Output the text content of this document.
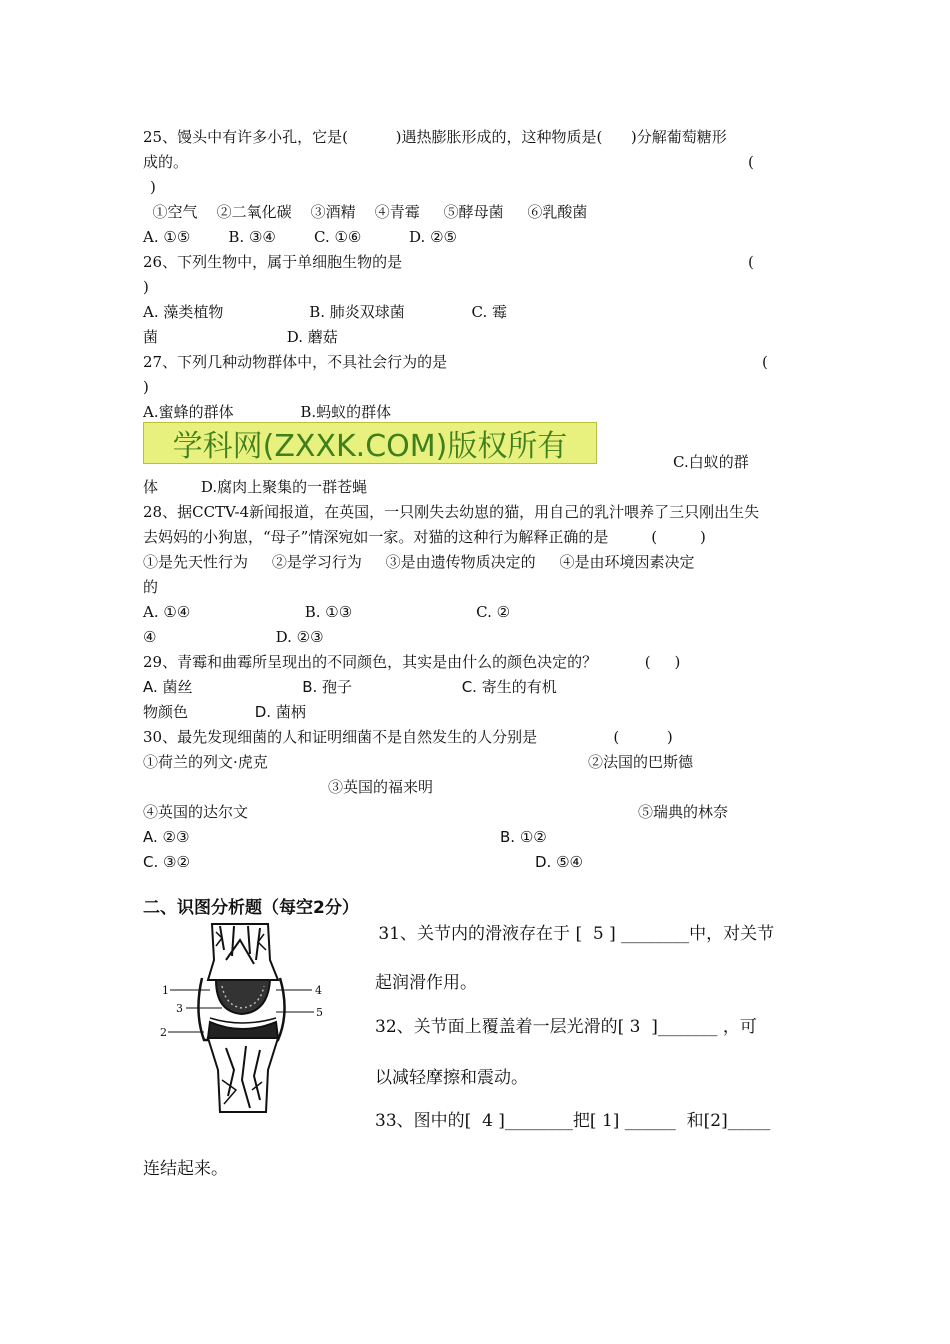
25、馒头中有许多小孔，它是(          )遇热膨胀形成的，这种物质是(      )分解葡萄糖形
成的。	(
)
①空气    ②二氧化碳    ③酒精    ④青霉     ⑤酵母菌     ⑥乳酸菌
A. ①⑤        B. ③④        C. ①⑥          D. ②⑤
26、下列生物中，属于单细胞生物的是	(
)
A. 藻类植物                  B. 肺炎双球菌              C. 霉
菌                           D. 蘑菇
27、下列几种动物群体中，不具社会行为的是	(
)
A.蜜蜂的群体              B.蚂蚁的群体
学科网(ZXXK.COM)版权所有	C.白蚁的群
体         D.腐肉上聚集的一群苍蝇
28、据CCTV-4新闻报道，在英国，一只刚失去幼崽的猫，用自己的乳汁喂养了三只刚出生失
去妈妈的小狗崽，“母子”情深宛如一家。对猫的这种行为解释正确的是         (         )
①是先天性行为     ②是学习行为     ③是由遗传物质决定的     ④是由环境因素决定
的
A. ①④                        B. ①③                          C. ②
④                         D. ②③
29、青霉和曲霉所呈现出的不同颜色，其实是由什么的颜色决定的？          (     )
A. 菌丝                       B. 孢子                       C. 寄生的有机
物颜色              D. 菌柄
30、最先发现细菌的人和证明细菌不是自然发生的人分别是                (          )
①荷兰的列文·虎克	②法国的巴斯德
③英国的福来明
④英国的达尔文	⑤瑞典的林奈
A. ②③	B. ①②
C. ③②	D. ⑤④
二、识图分析题（每空2分）
1
3
2
4
5
31、关节内的滑液存在于 [  5 ] ________中，对关节
起润滑作用。
32、关节面上覆盖着一层光滑的[ 3  ]_______ ，可
以减轻摩擦和震动。
33、图中的[  4 ]________把[ 1] ______  和[2]_____
连结起来。
